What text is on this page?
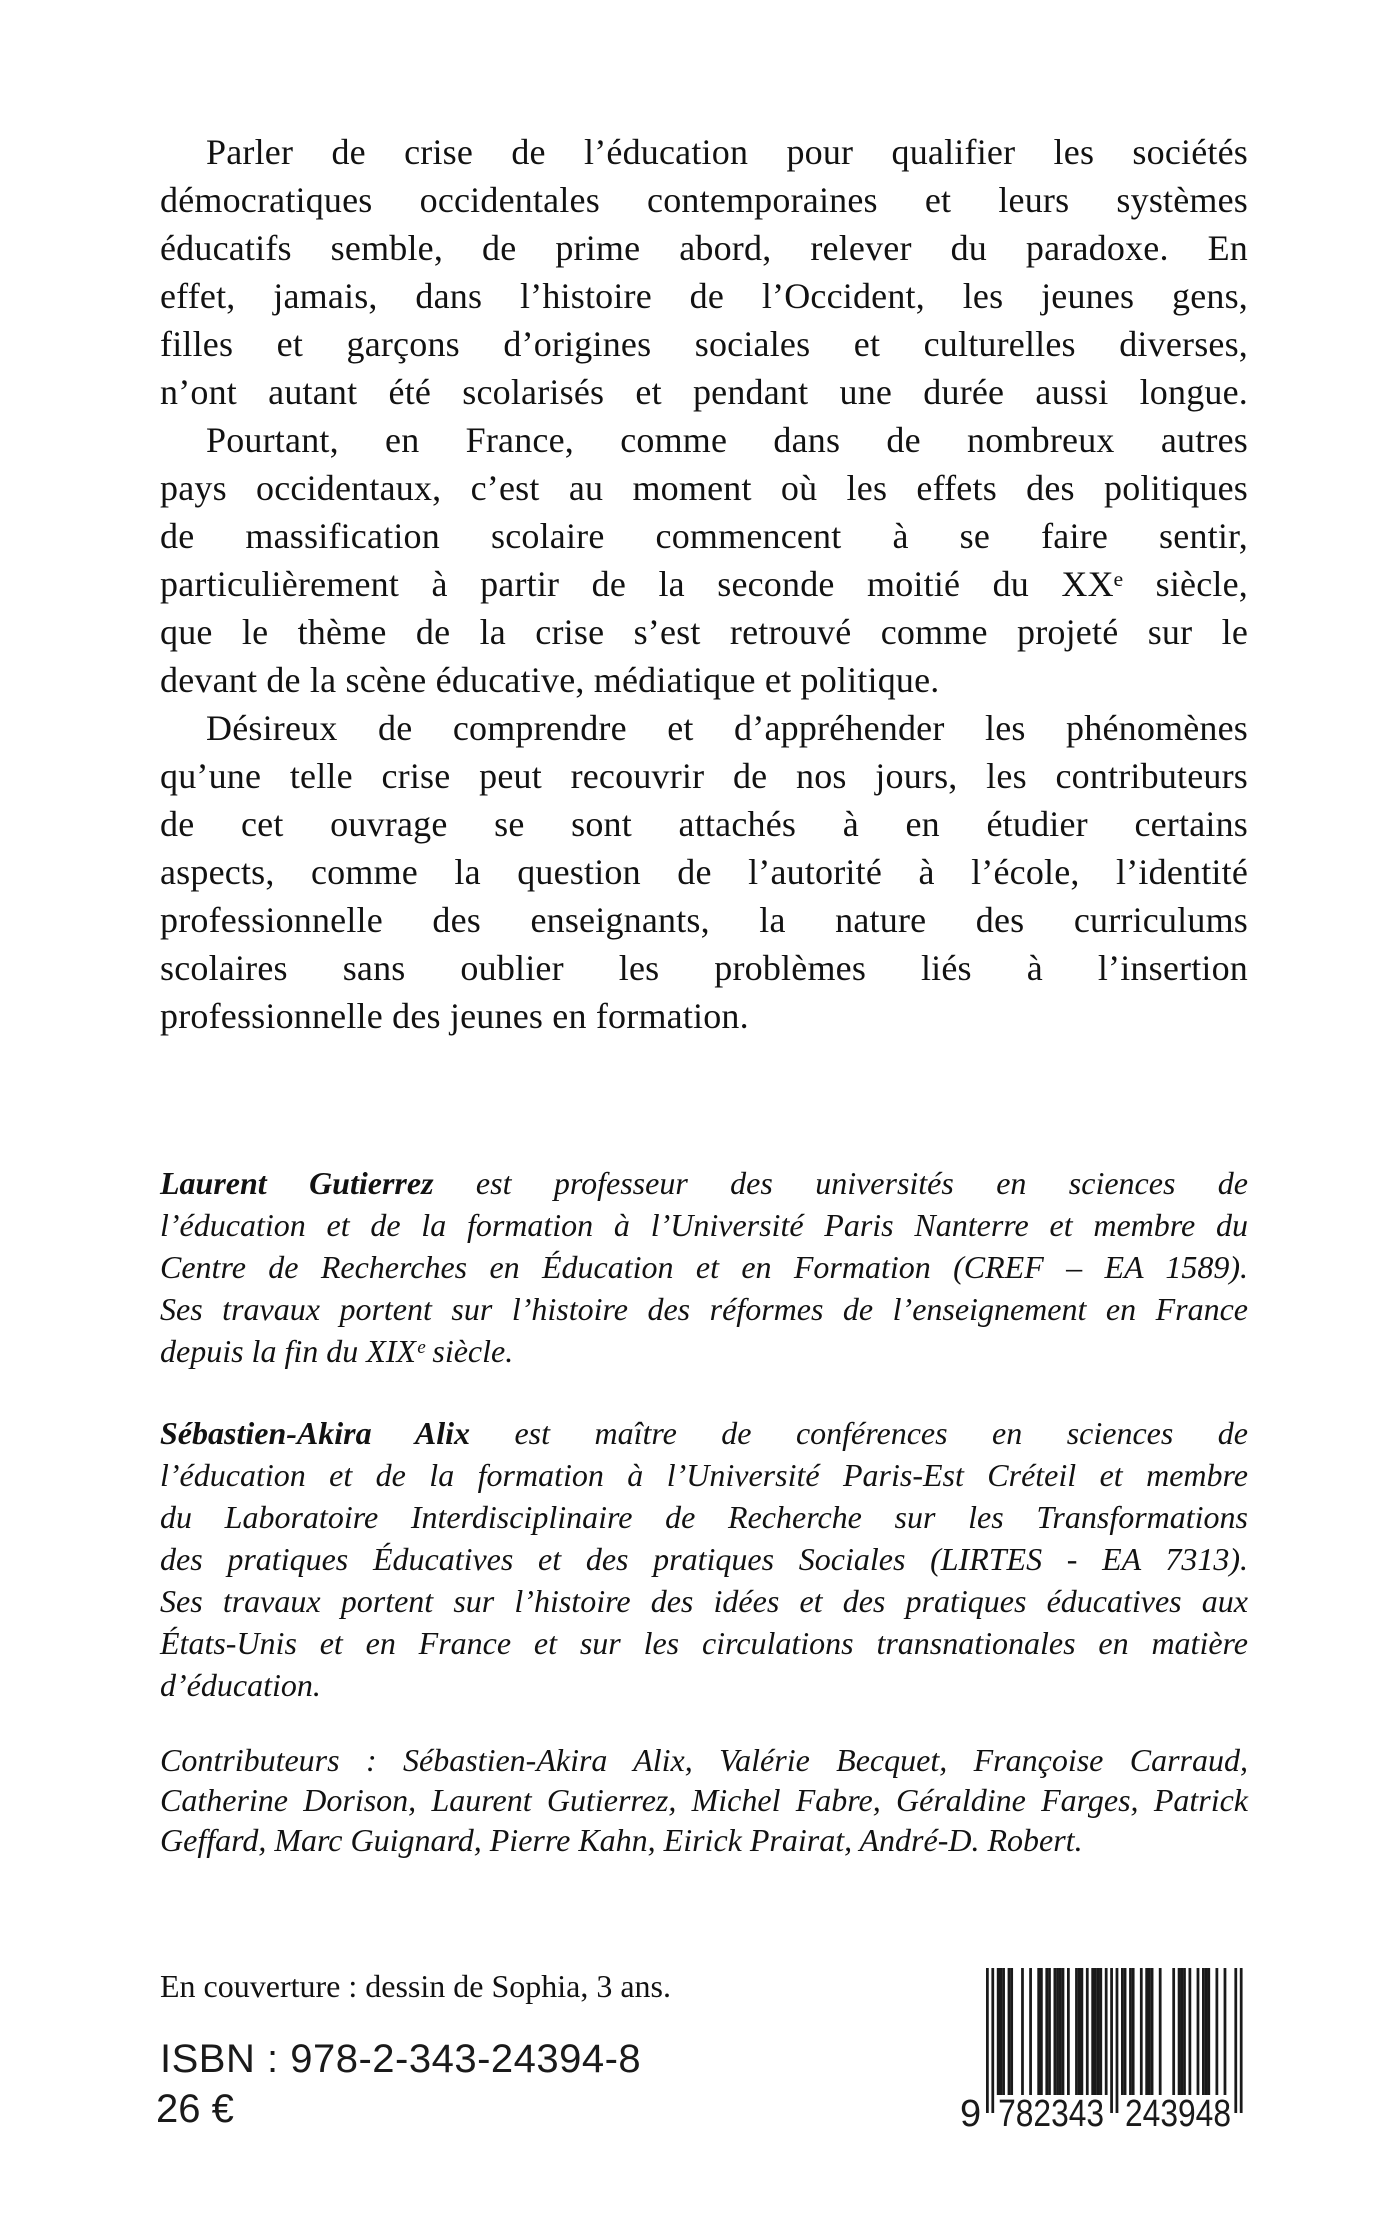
Parler de crise de l’éducation pour qualifier les sociétés
démocratiques occidentales contemporaines et leurs systèmes
éducatifs semble, de prime abord, relever du paradoxe. En
effet, jamais, dans l’histoire de l’Occident, les jeunes gens,
filles et garçons d’origines sociales et culturelles diverses,
n’ont autant été scolarisés et pendant une durée aussi longue.
Pourtant, en France, comme dans de nombreux autres
pays occidentaux, c’est au moment où les effets des politiques
de massification scolaire commencent à se faire sentir,
particulièrement à partir de la seconde moitié du XXᵉ siècle,
que le thème de la crise s’est retrouvé comme projeté sur le
devant de la scène éducative, médiatique et politique.
Désireux de comprendre et d’appréhender les phénomènes
qu’une telle crise peut recouvrir de nos jours, les contributeurs
de cet ouvrage se sont attachés à en étudier certains
aspects, comme la question de l’autorité à l’école, l’identité
professionnelle des enseignants, la nature des curriculums
scolaires sans oublier les problèmes liés à l’insertion
professionnelle des jeunes en formation.
Laurent Gutierrez est professeur des universités en sciences de
l’éducation et de la formation à l’Université Paris Nanterre et membre du
Centre de Recherches en Éducation et en Formation (CREF – EA 1589).
Ses travaux portent sur l’histoire des réformes de l’enseignement en France
depuis la fin du XIXᵉ siècle.
Sébastien-Akira Alix est maître de conférences en sciences de
l’éducation et de la formation à l’Université Paris-Est Créteil et membre
du Laboratoire Interdisciplinaire de Recherche sur les Transformations
des pratiques Éducatives et des pratiques Sociales (LIRTES - EA 7313).
Ses travaux portent sur l’histoire des idées et des pratiques éducatives aux
États-Unis et en France et sur les circulations transnationales en matière
d’éducation.
Contributeurs : Sébastien-Akira Alix, Valérie Becquet, Françoise Carraud,
Catherine Dorison, Laurent Gutierrez, Michel Fabre, Géraldine Farges, Patrick
Geffard, Marc Guignard, Pierre Kahn, Eirick Prairat, André-D. Robert.
En couverture : dessin de Sophia, 3 ans.
ISBN : 978-2-343-24394-8
26 €	9 782343 243948
